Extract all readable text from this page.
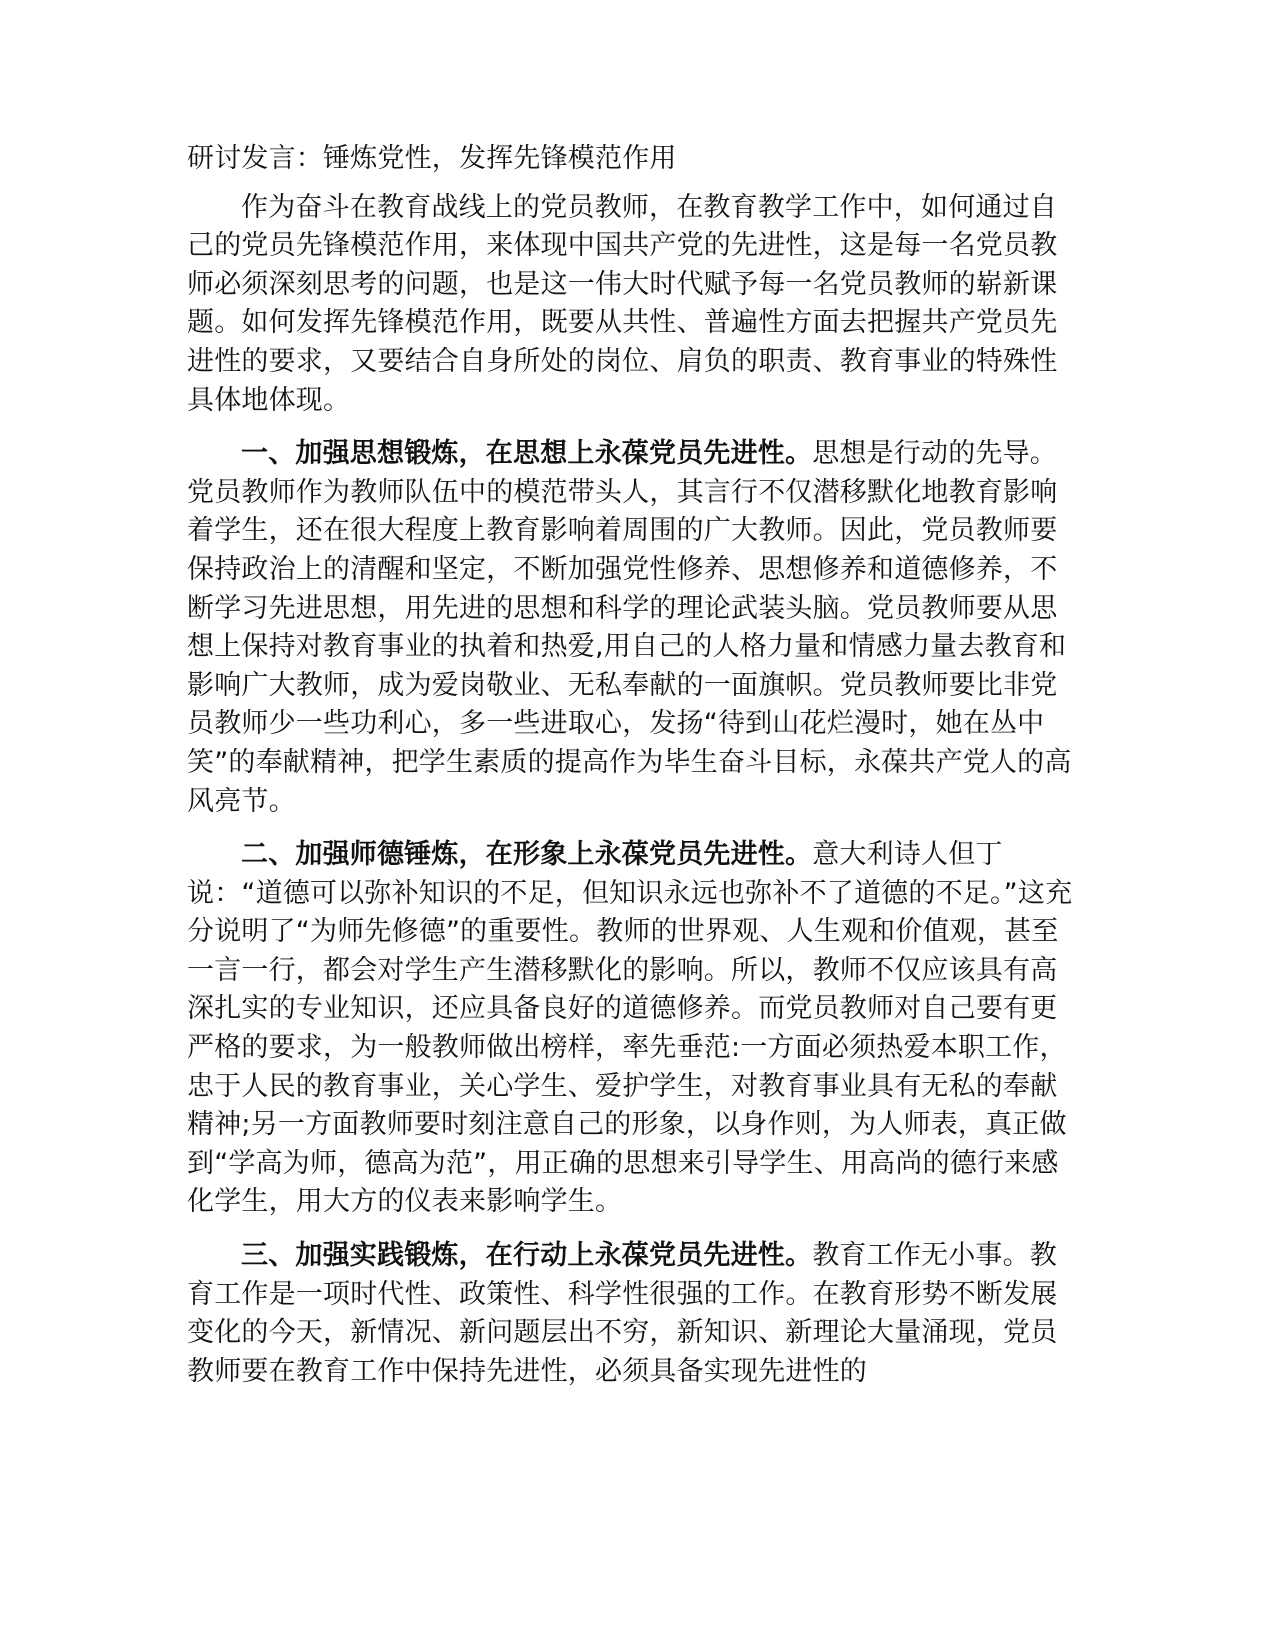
研讨发言：锤炼党性，发挥先锋模范作用

作为奋斗在教育战线上的党员教师，在教育教学工作中，如何通过自己的党员先锋模范作用，来体现中国共产党的先进性，这是每一名党员教师必须深刻思考的问题，也是这一伟大时代赋予每一名党员教师的崭新课题。如何发挥先锋模范作用，既要从共性、普遍性方面去把握共产党员先进性的要求，又要结合自身所处的岗位、肩负的职责、教育事业的特殊性具体地体现。

一、加强思想锻炼，在思想上永葆党员先进性。思想是行动的先导。党员教师作为教师队伍中的模范带头人，其言行不仅潜移默化地教育影响着学生，还在很大程度上教育影响着周围的广大教师。因此，党员教师要保持政治上的清醒和坚定，不断加强党性修养、思想修养和道德修养，不断学习先进思想，用先进的思想和科学的理论武装头脑。党员教师要从思想上保持对教育事业的执着和热爱,用自己的人格力量和情感力量去教育和影响广大教师，成为爱岗敬业、无私奉献的一面旗帜。党员教师要比非党员教师少一些功利心，多一些进取心，发扬“待到山花烂漫时，她在丛中笑”的奉献精神，把学生素质的提高作为毕生奋斗目标，永葆共产党人的高风亮节。

二、加强师德锤炼，在形象上永葆党员先进性。意大利诗人但丁说：“道德可以弥补知识的不足，但知识永远也弥补不了道德的不足。”这充分说明了“为师先修德”的重要性。教师的世界观、人生观和价值观，甚至一言一行，都会对学生产生潜移默化的影响。所以，教师不仅应该具有高深扎实的专业知识，还应具备良好的道德修养。而党员教师对自己要有更严格的要求，为一般教师做出榜样，率先垂范:一方面必须热爱本职工作，忠于人民的教育事业，关心学生、爱护学生，对教育事业具有无私的奉献精神;另一方面教师要时刻注意自己的形象，以身作则，为人师表，真正做到“学高为师，德高为范”，用正确的思想来引导学生、用高尚的德行来感化学生，用大方的仪表来影响学生。

三、加强实践锻炼，在行动上永葆党员先进性。教育工作无小事。教育工作是一项时代性、政策性、科学性很强的工作。在教育形势不断发展变化的今天，新情况、新问题层出不穷，新知识、新理论大量涌现，党员教师要在教育工作中保持先进性，必须具备实现先进性的
